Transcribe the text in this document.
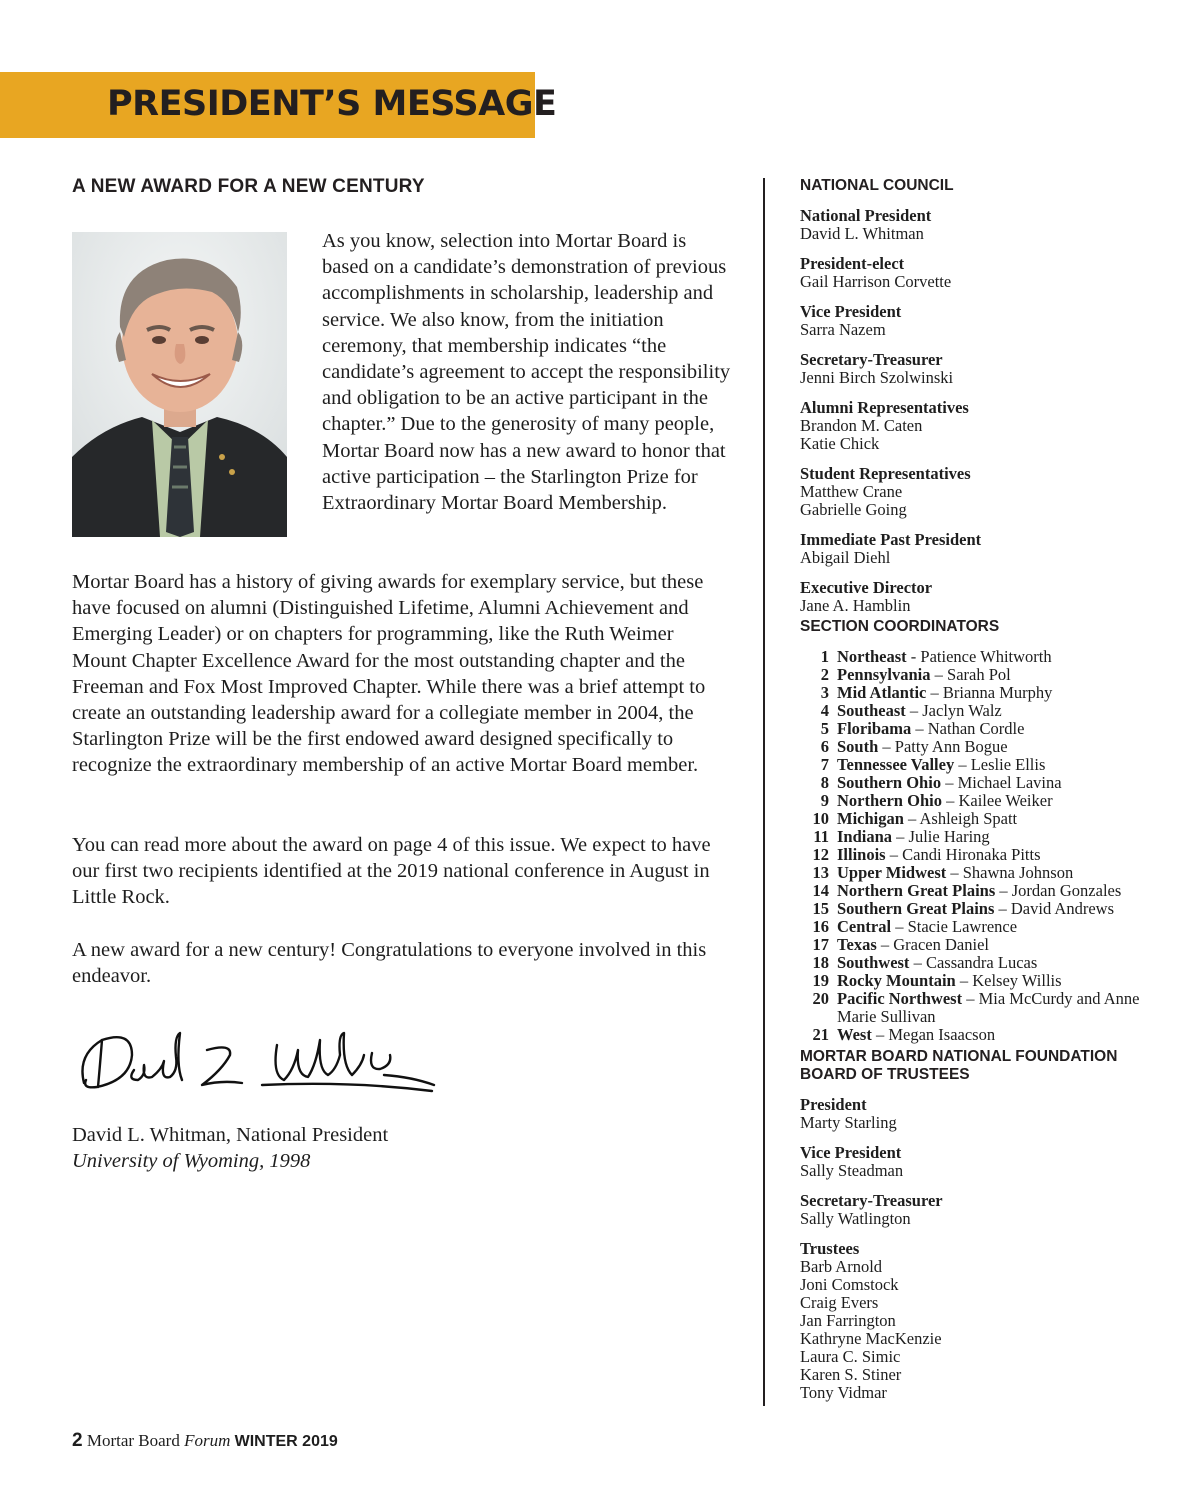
PRESIDENT’S MESSAGE
A NEW AWARD FOR A NEW CENTURY

As you know, selection into Mortar Board is based on a candidate’s demonstration of previous accomplishments in scholarship, leadership and service. We also know, from the initiation ceremony, that membership indicates “the candidate’s agreement to accept the responsibility and obligation to be an active participant in the chapter.” Due to the generosity of many people, Mortar Board now has a new award to honor that active participation – the Starlington Prize for Extraordinary Mortar Board Membership.

Mortar Board has a history of giving awards for exemplary service, but these have focused on alumni (Distinguished Lifetime, Alumni Achievement and Emerging Leader) or on chapters for programming, like the Ruth Weimer Mount Chapter Excellence Award for the most outstanding chapter and the Freeman and Fox Most Improved Chapter. While there was a brief attempt to create an outstanding leadership award for a collegiate member in 2004, the Starlington Prize will be the first endowed award designed specifically to recognize the extraordinary membership of an active Mortar Board member.

You can read more about the award on page 4 of this issue. We expect to have our first two recipients identified at the 2019 national conference in August in Little Rock.

A new award for a new century! Congratulations to everyone involved in this endeavor.

David L. Whitman, National President
University of Wyoming, 1998
NATIONAL COUNCIL
National President
David L. Whitman
President-elect
Gail Harrison Corvette
Vice President
Sarra Nazem
Secretary-Treasurer
Jenni Birch Szolwinski
Alumni Representatives
Brandon M. Caten
Katie Chick
Student Representatives
Matthew Crane
Gabrielle Going
Immediate Past President
Abigail Diehl
Executive Director
Jane A. Hamblin
SECTION COORDINATORS
1 Northeast - Patience Whitworth
2 Pennsylvania – Sarah Pol
3 Mid Atlantic – Brianna Murphy
4 Southeast – Jaclyn Walz
5 Floribama – Nathan Cordle
6 South – Patty Ann Bogue
7 Tennessee Valley – Leslie Ellis
8 Southern Ohio – Michael Lavina
9 Northern Ohio – Kailee Weiker
10 Michigan – Ashleigh Spatt
11 Indiana – Julie Haring
12 Illinois – Candi Hironaka Pitts
13 Upper Midwest – Shawna Johnson
14 Northern Great Plains – Jordan Gonzales
15 Southern Great Plains – David Andrews
16 Central – Stacie Lawrence
17 Texas – Gracen Daniel
18 Southwest – Cassandra Lucas
19 Rocky Mountain – Kelsey Willis
20 Pacific Northwest – Mia McCurdy and Anne Marie Sullivan
21 West – Megan Isaacson
MORTAR BOARD NATIONAL FOUNDATION
BOARD OF TRUSTEES
President
Marty Starling
Vice President
Sally Steadman
Secretary-Treasurer
Sally Watlington
Trustees
Barb Arnold
Joni Comstock
Craig Evers
Jan Farrington
Kathryne MacKenzie
Laura C. Simic
Karen S. Stiner
Tony Vidmar
2 Mortar Board Forum WINTER 2019
